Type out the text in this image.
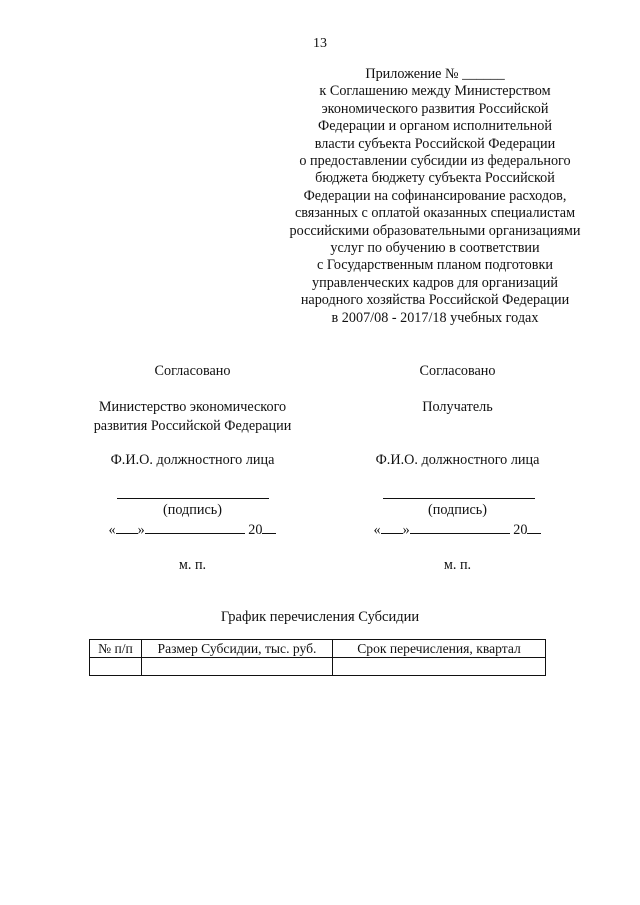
13
Приложение № ______
к Соглашению между Министерством
экономического развития Российской
Федерации и органом исполнительной
власти субъекта Российской Федерации
о предоставлении субсидии из федерального
бюджета бюджету субъекта Российской
Федерации на софинансирование расходов,
связанных с оплатой оказанных специалистам
российскими образовательными организациями
услуг по обучению в соответствии
с Государственным планом подготовки
управленческих кадров для организаций
народного хозяйства Российской Федерации
в 2007/08 - 2017/18 учебных годах
Согласовано
Министерство экономического
развития Российской Федерации
Ф.И.О. должностного лица
(подпись)
« »	20
м. п.
Согласовано
Получатель
Ф.И.О. должностного лица
(подпись)
« »	20
м. п.
График перечисления Субсидии
№ п/п	Размер Субсидии, тыс. руб.	Срок перечисления, квартал
